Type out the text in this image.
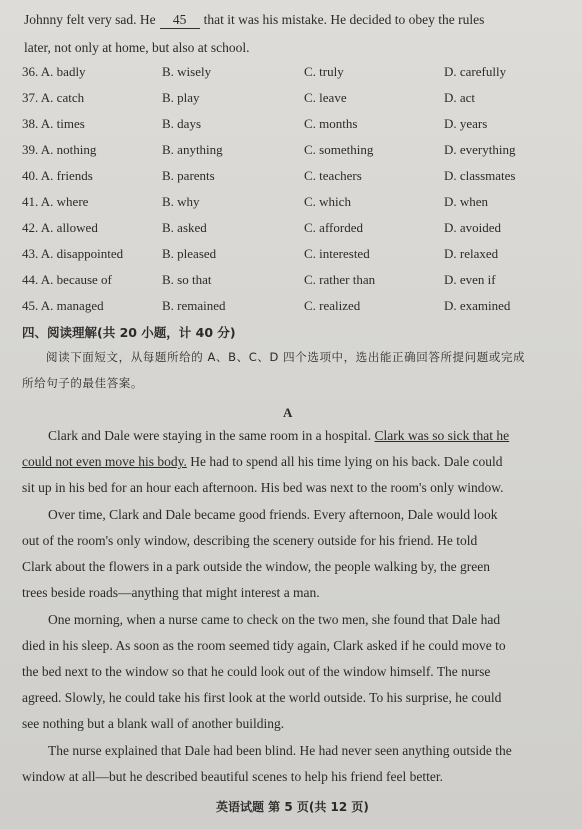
Johnny felt very sad. He 45 that it was his mistake. He decided to obey the rules
later, not only at home, but also at school.
36. A. badly	B. wisely	C. truly	D. carefully
37. A. catch	B. play	C. leave	D. act
38. A. times	B. days	C. months	D. years
39. A. nothing	B. anything	C. something	D. everything
40. A. friends	B. parents	C. teachers	D. classmates
41. A. where	B. why	C. which	D. when
42. A. allowed	B. asked	C. afforded	D. avoided
43. A. disappointed	B. pleased	C. interested	D. relaxed
44. A. because of	B. so that	C. rather than	D. even if
45. A. managed	B. remained	C. realized	D. examined
四、阅读理解(共 20 小题，计 40 分)
阅读下面短文，从每题所给的 A、B、C、D 四个选项中，选出能正确回答所提问题或完成
所给句子的最佳答案。
A
Clark and Dale were staying in the same room in a hospital. Clark was so sick that he
could not even move his body. He had to spend all his time lying on his back. Dale could
sit up in his bed for an hour each afternoon. His bed was next to the room's only window.
Over time, Clark and Dale became good friends. Every afternoon, Dale would look
out of the room's only window, describing the scenery outside for his friend. He told
Clark about the flowers in a park outside the window, the people walking by, the green
trees beside roads—anything that might interest a man.
One morning, when a nurse came to check on the two men, she found that Dale had
died in his sleep. As soon as the room seemed tidy again, Clark asked if he could move to
the bed next to the window so that he could look out of the window himself. The nurse
agreed. Slowly, he could take his first look at the world outside. To his surprise, he could
see nothing but a blank wall of another building.
The nurse explained that Dale had been blind. He had never seen anything outside the
window at all—but he described beautiful scenes to help his friend feel better.
英语试题 第 5 页(共 12 页)
